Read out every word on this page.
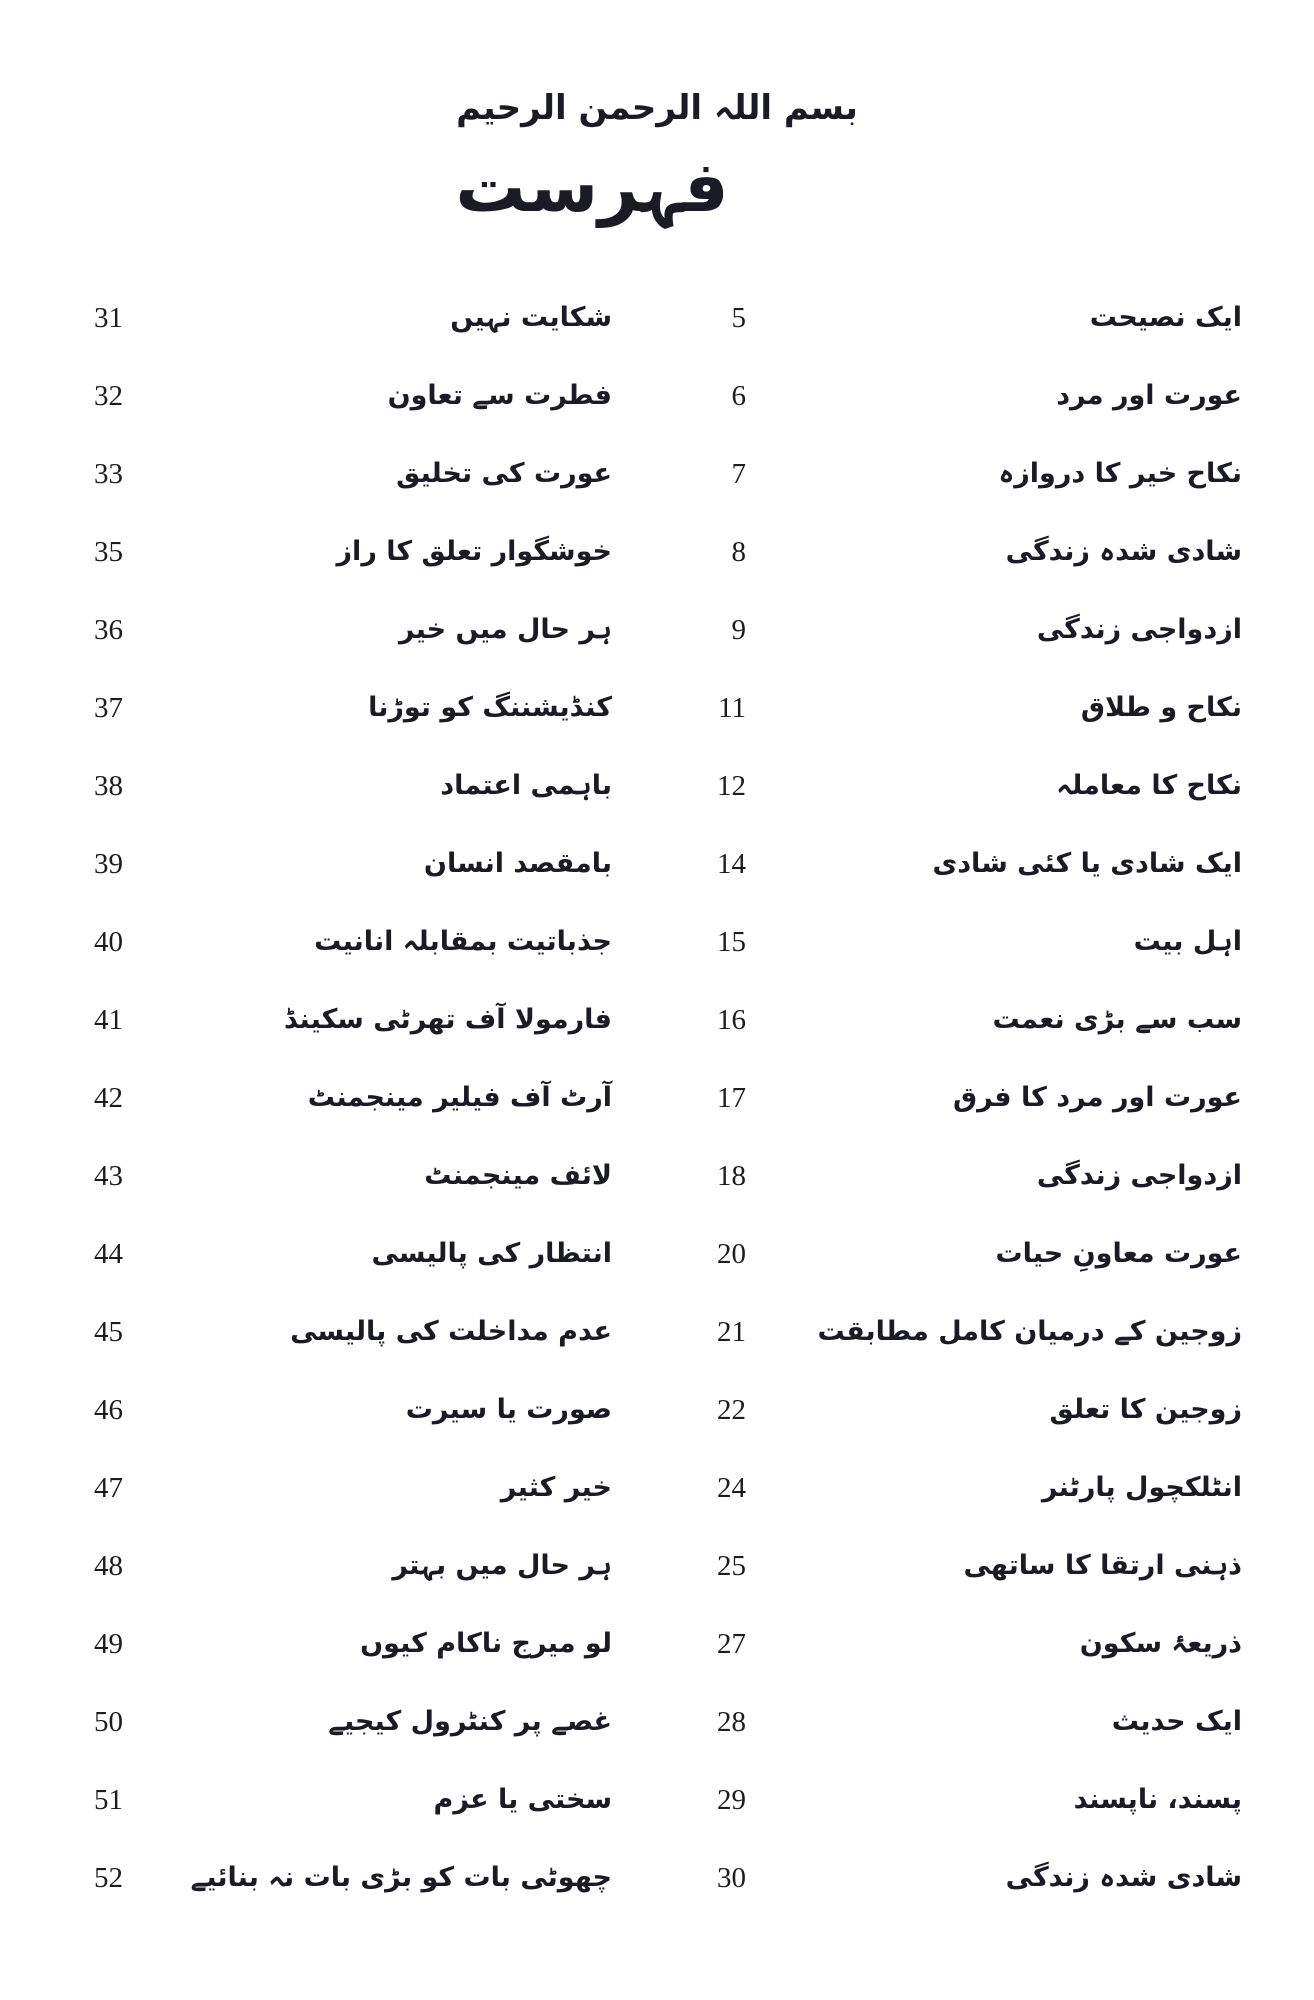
بسم اللہ الرحمن الرحیم
فہرست
31	شکایت نہیں	5	ایک نصیحت
32	فطرت سے تعاون	6	عورت اور مرد
33	عورت کی تخلیق	7	نکاح خیر کا دروازہ
35	خوشگوار تعلق کا راز	8	شادی شدہ زندگی
36	ہر حال میں خیر	9	ازدواجی زندگی
37	کنڈیشننگ کو توڑنا	11	نکاح و طلاق
38	باہمی اعتماد	12	نکاح کا معاملہ
39	بامقصد انسان	14	ایک شادی یا کئی شادی
40	جذباتیت بمقابلہ انانیت	15	اہل بیت
41	فارمولا آف تھرٹی سکینڈ	16	سب سے بڑی نعمت
42	آرٹ آف فیلیر مینجمنٹ	17	عورت اور مرد کا فرق
43	لائف مینجمنٹ	18	ازدواجی زندگی
44	انتظار کی پالیسی	20	عورت معاونِ حیات
45	عدم مداخلت کی پالیسی	21	زوجین کے درمیان کامل مطابقت
46	صورت یا سیرت	22	زوجین کا تعلق
47	خیر کثیر	24	انٹلکچول پارٹنر
48	ہر حال میں بہتر	25	ذہنی ارتقا کا ساتھی
49	لو میرج ناکام کیوں	27	ذریعۂ سکون
50	غصے پر کنٹرول کیجیے	28	ایک حدیث
51	سختی یا عزم	29	پسند، ناپسند
52	چھوٹی بات کو بڑی بات نہ بنائیے	30	شادی شدہ زندگی
